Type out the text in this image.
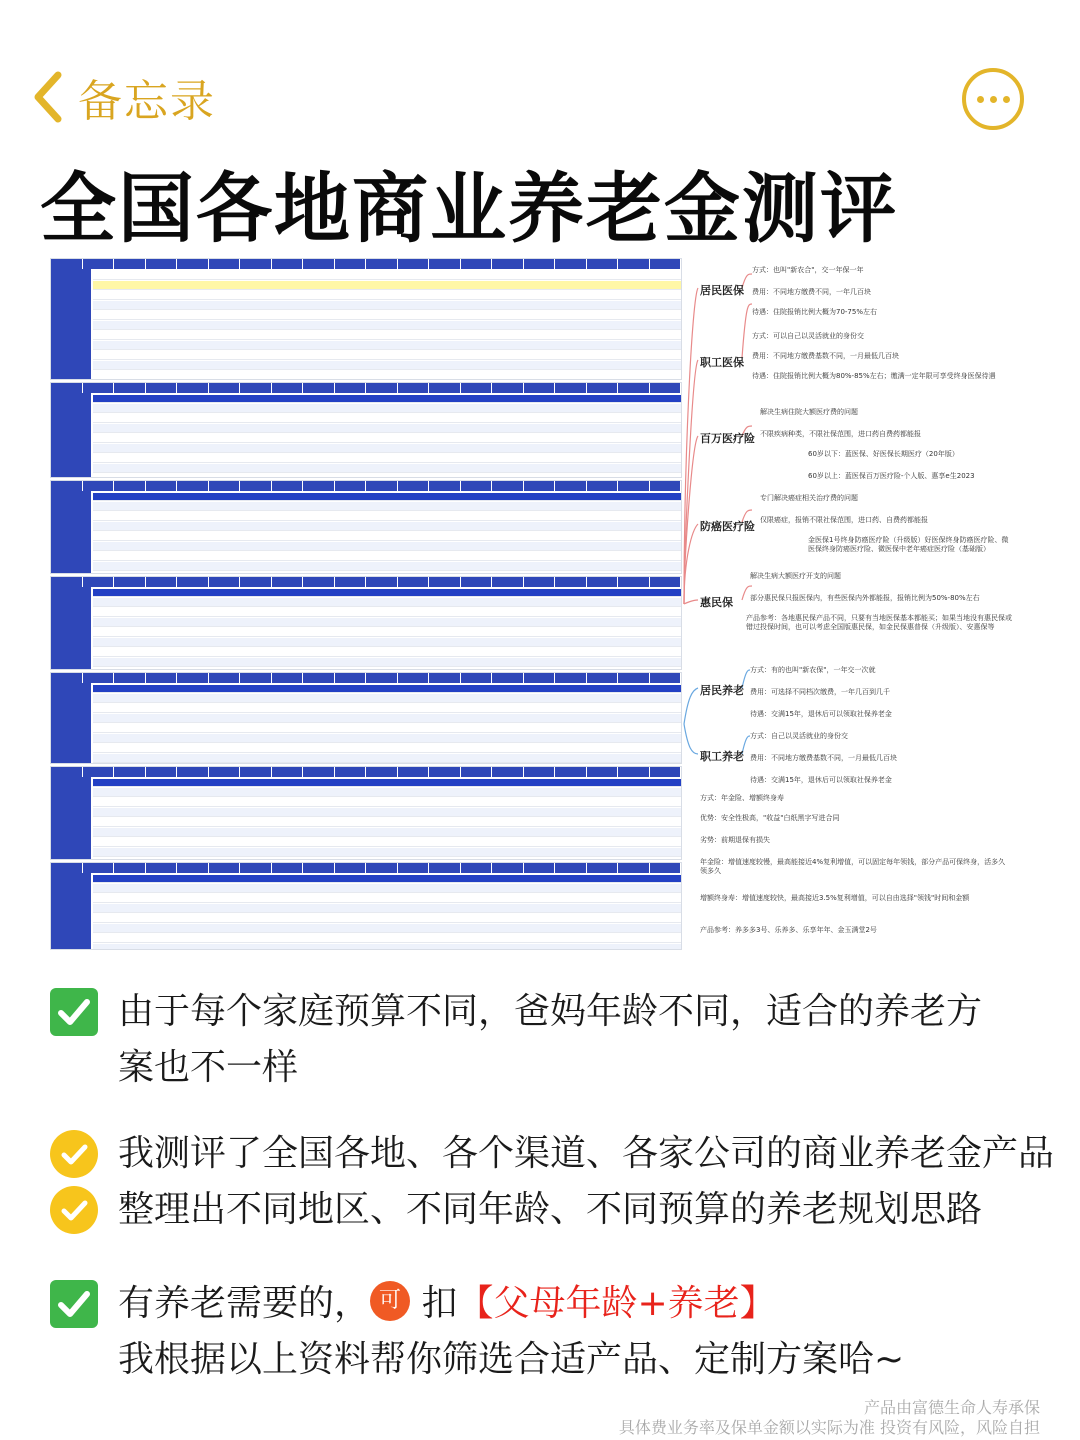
备忘录
全国各地商业养老金测评
居民医保
职工医保
百万医疗险
防癌医疗险
惠民保
居民养老
职工养老
方式：也叫"新农合"，交一年保一年
费用：不同地方缴费不同，一年几百块
待遇：住院报销比例大概为70-75%左右
方式：可以自己以灵活就业的身份交
费用：不同地方缴费基数不同，一月最低几百块
待遇：住院报销比例大概为80%-85%左右；缴满一定年限可享受终身医保待遇
解决生病住院大额医疗费的问题
不限疾病种类，不限社保范围，进口药自费药都能报
60岁以下：蓝医保、好医保长期医疗（20年版）
60岁以上：蓝医保百万医疗险-个人版、惠享e生2023
专门解决癌症相关治疗费的问题
仅限癌症，报销不限社保范围，进口药、自费药都能报
金医保1号终身防癌医疗险（升级版）好医保终身防癌医疗险、微医保终身防癌医疗险、微医保中老年癌症医疗险（基础版）
解决生病大额医疗开支的问题
部分惠民保只报医保内，有些医保内外都能报，报销比例为50%-80%左右
产品参考：各地惠民保产品不同，只要有当地医保基本都能买；如果当地没有惠民保或错过投保时间，也可以考虑全国版惠民保，如金民保惠普保（升级版）、安惠保等
方式：有的也叫"新农保"，一年交一次就
费用：可选择不同档次缴费，一年几百到几千
待遇：交满15年，退休后可以领取社保养老金
方式：自己以灵活就业的身份交
费用：不同地方缴费基数不同，一月最低几百块
待遇：交满15年，退休后可以领取社保养老金
方式：年金险、增额终身寿
优势：安全性极高，"收益"白纸黑字写进合同
劣势：前期退保有损失
年金险：增值速度较慢，最高能接近4%复利增值，可以固定每年领钱，部分产品可保终身，活多久领多久
增额终身寿：增值速度较快，最高接近3.5%复利增值，可以自由选择"领钱"时间和金额
产品参考：养多多3号、乐养多、乐享年年、金玉满堂2号
由于每个家庭预算不同，爸妈年龄不同，适合的养老方
案也不一样
我测评了全国各地、各个渠道、各家公司的商业养老金产品
整理出不同地区、不同年龄、不同预算的养老规划思路
有养老需要的， 可 扣【父母年龄+养老】
我根据以上资料帮你筛选合适产品、定制方案哈~
产品由富德生命人寿承保
具体费业务率及保单金额以实际为准 投资有风险，风险自担
